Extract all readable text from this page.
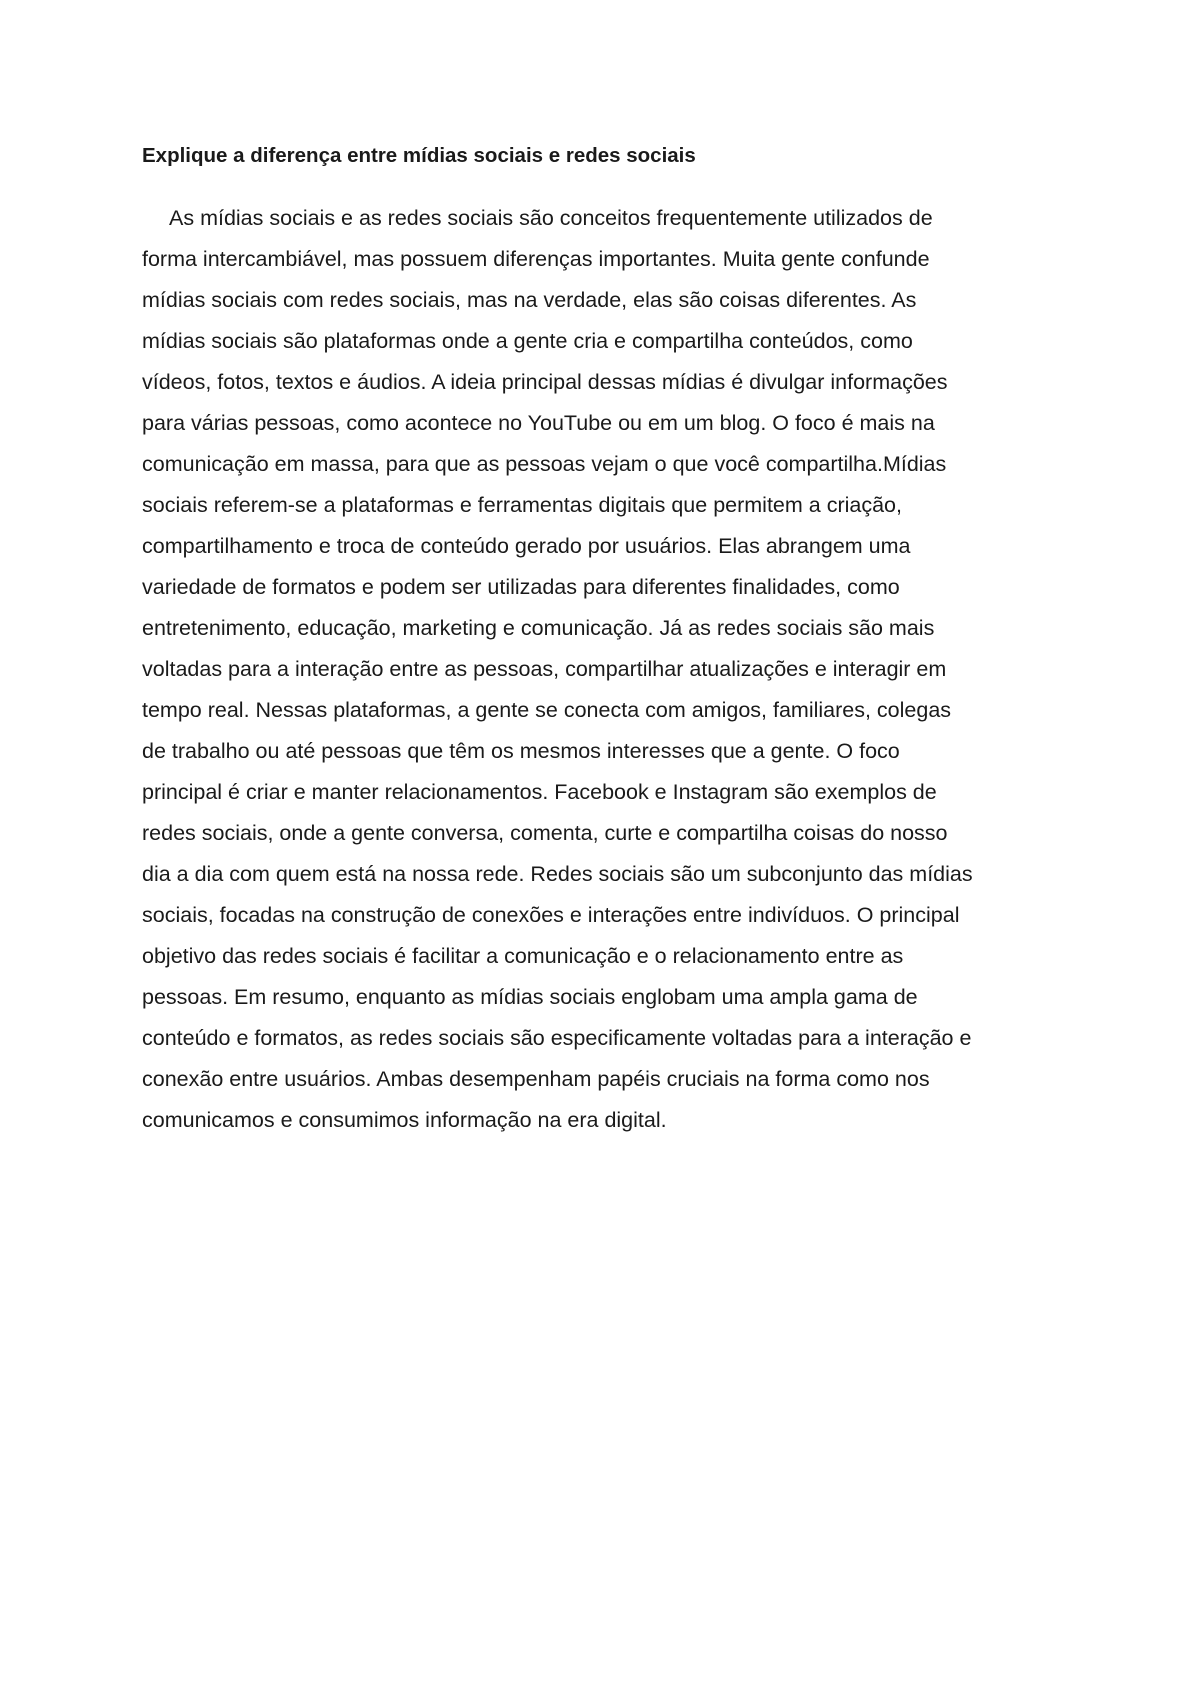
Explique a diferença entre mídias sociais e redes sociais
As mídias sociais e as redes sociais são conceitos frequentemente utilizados de
forma intercambiável, mas possuem diferenças importantes. Muita gente confunde
mídias sociais com redes sociais, mas na verdade, elas são coisas diferentes. As
mídias sociais são plataformas onde a gente cria e compartilha conteúdos, como
vídeos, fotos, textos e áudios. A ideia principal dessas mídias é divulgar informações
para várias pessoas, como acontece no YouTube ou em um blog. O foco é mais na
comunicação em massa, para que as pessoas vejam o que você compartilha.Mídias
sociais referem-se a plataformas e ferramentas digitais que permitem a criação,
compartilhamento e troca de conteúdo gerado por usuários. Elas abrangem uma
variedade de formatos e podem ser utilizadas para diferentes finalidades, como
entretenimento, educação, marketing e comunicação. Já as redes sociais são mais
voltadas para a interação entre as pessoas, compartilhar atualizações e interagir em
tempo real. Nessas plataformas, a gente se conecta com amigos, familiares, colegas
de trabalho ou até pessoas que têm os mesmos interesses que a gente. O foco
principal é criar e manter relacionamentos. Facebook e Instagram são exemplos de
redes sociais, onde a gente conversa, comenta, curte e compartilha coisas do nosso
dia a dia com quem está na nossa rede. Redes sociais são um subconjunto das mídias
sociais, focadas na construção de conexões e interações entre indivíduos. O principal
objetivo das redes sociais é facilitar a comunicação e o relacionamento entre as
pessoas. Em resumo, enquanto as mídias sociais englobam uma ampla gama de
conteúdo e formatos, as redes sociais são especificamente voltadas para a interação e
conexão entre usuários. Ambas desempenham papéis cruciais na forma como nos
comunicamos e consumimos informação na era digital.
